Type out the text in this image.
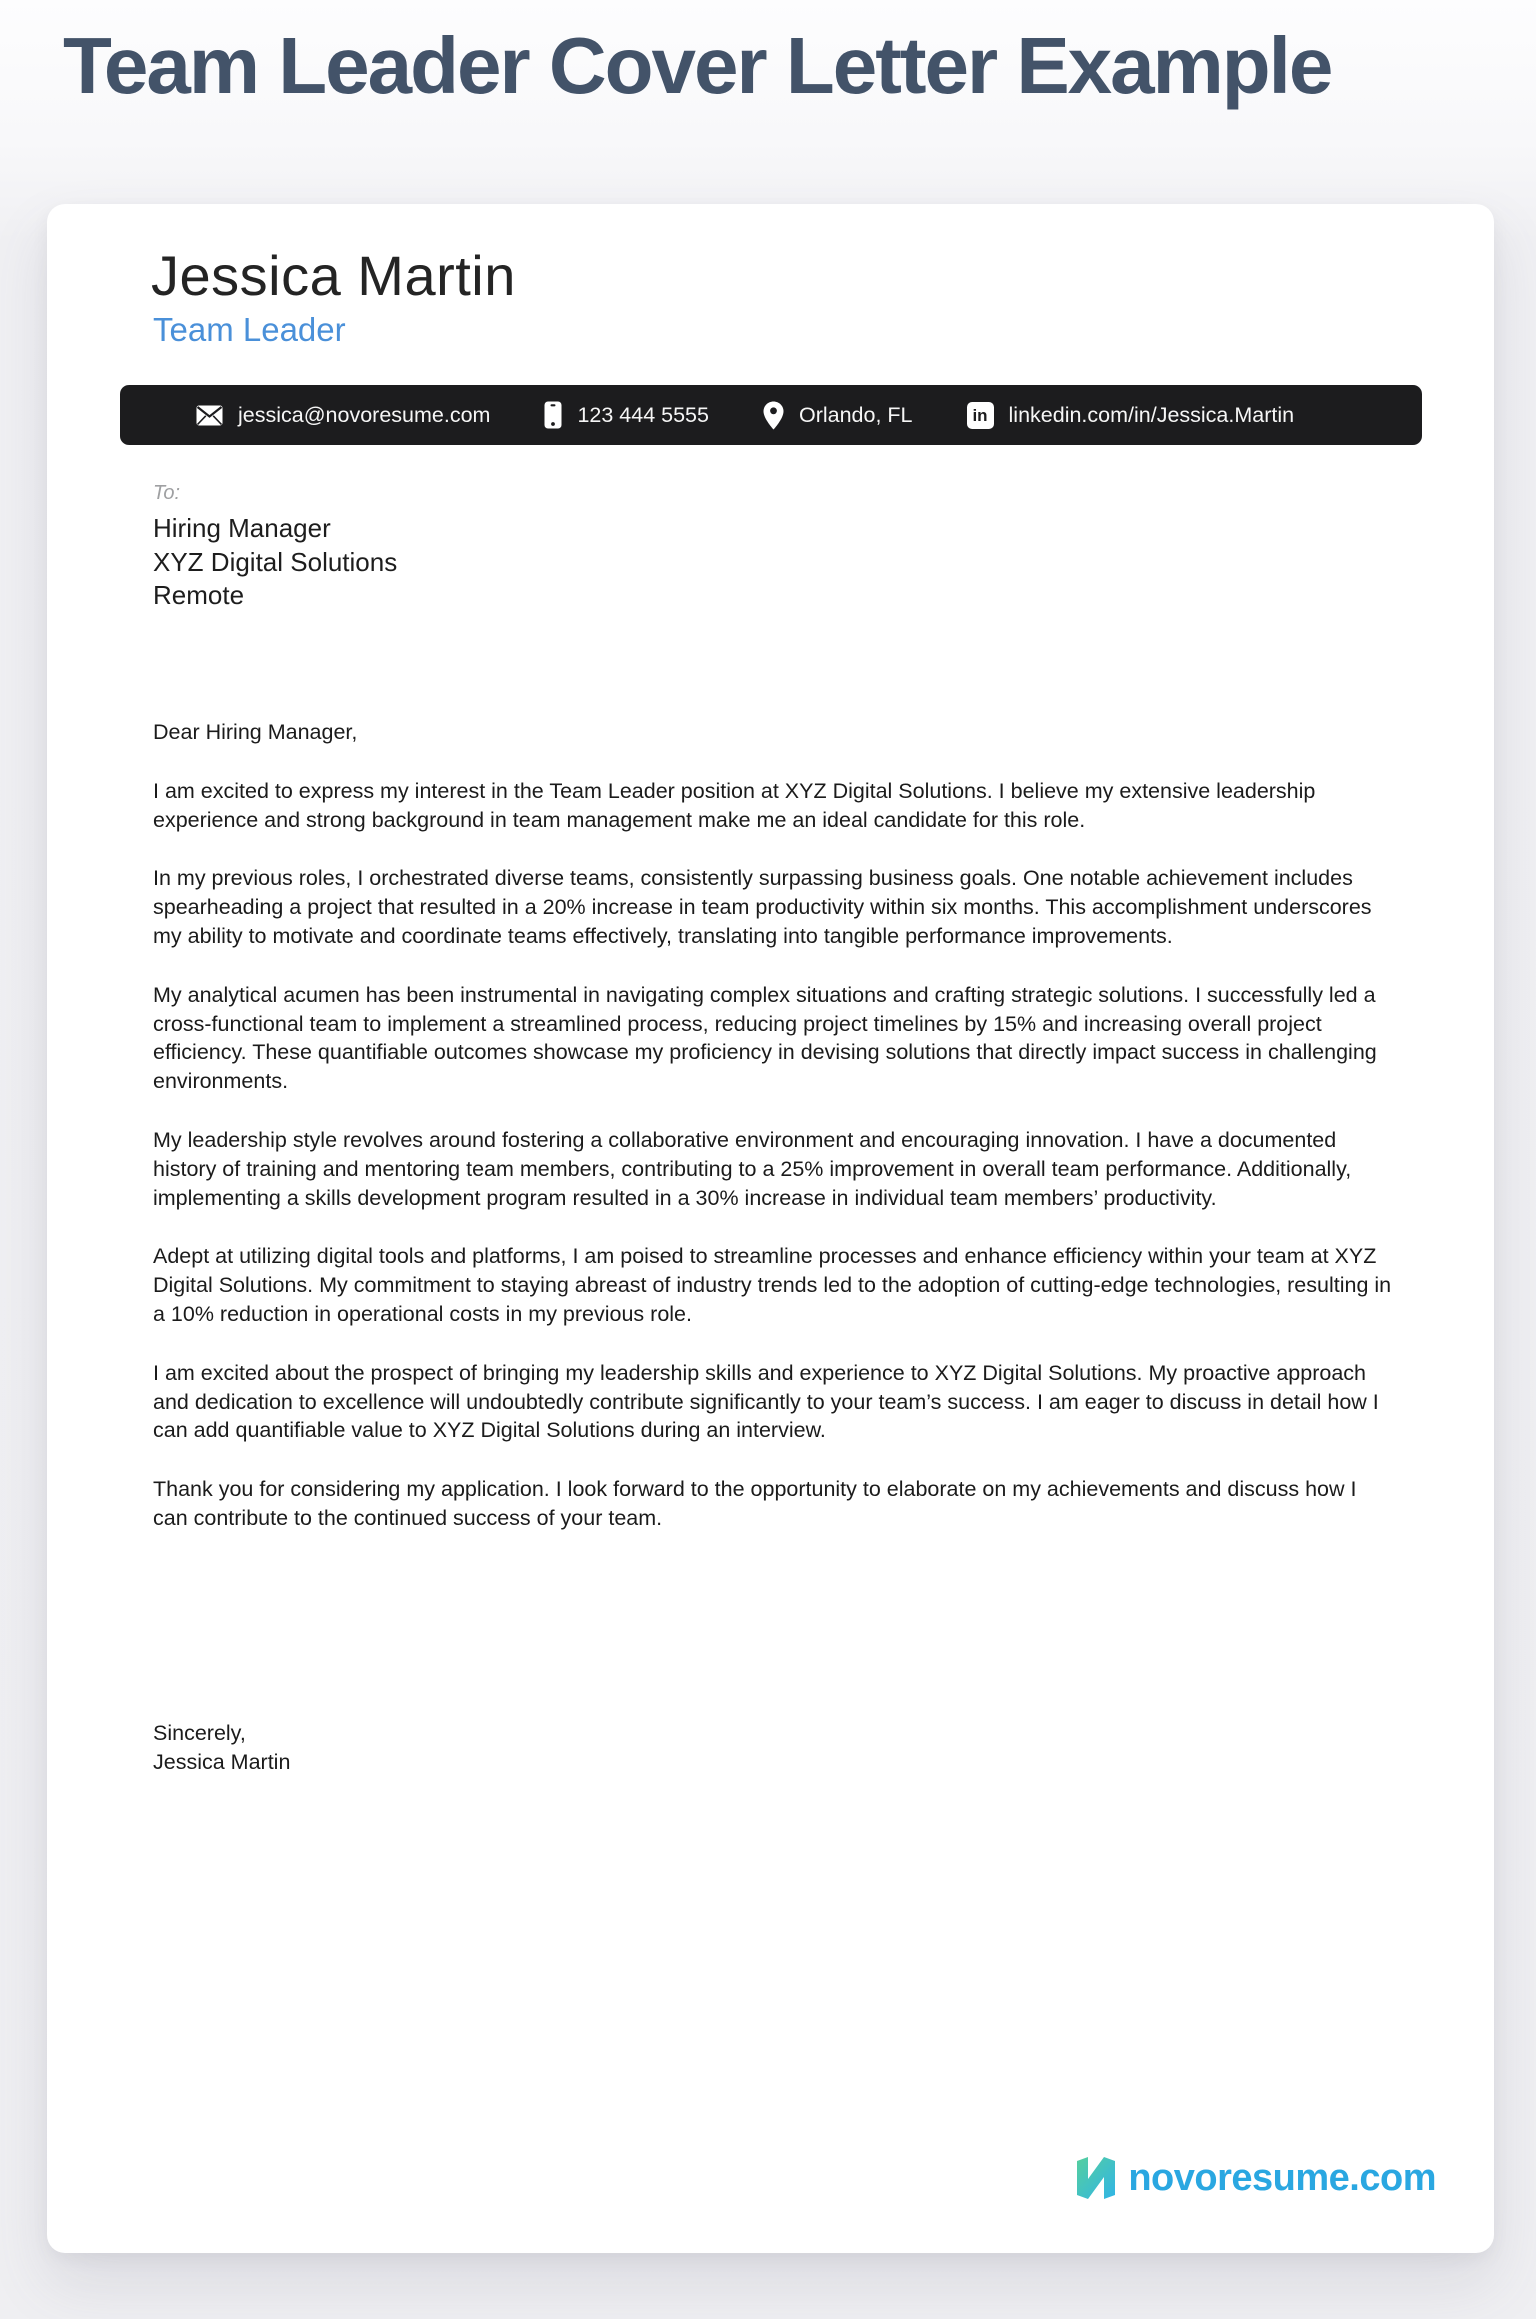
Team Leader Cover Letter Example
Jessica Martin
Team Leader
jessica@novoresume.com	123 444 5555	Orlando, FL	in linkedin.com/in/Jessica.Martin
To:
Hiring Manager
XYZ Digital Solutions
Remote

Dear Hiring Manager,

I am excited to express my interest in the Team Leader position at XYZ Digital Solutions. I believe my extensive leadership experience and strong background in team management make me an ideal candidate for this role.

In my previous roles, I orchestrated diverse teams, consistently surpassing business goals. One notable achievement includes spearheading a project that resulted in a 20% increase in team productivity within six months. This accomplishment underscores my ability to motivate and coordinate teams effectively, translating into tangible performance improvements.

My analytical acumen has been instrumental in navigating complex situations and crafting strategic solutions. I successfully led a cross-functional team to implement a streamlined process, reducing project timelines by 15% and increasing overall project efficiency. These quantifiable outcomes showcase my proficiency in devising solutions that directly impact success in challenging environments.

My leadership style revolves around fostering a collaborative environment and encouraging innovation. I have a documented history of training and mentoring team members, contributing to a 25% improvement in overall team performance. Additionally, implementing a skills development program resulted in a 30% increase in individual team members’ productivity.

Adept at utilizing digital tools and platforms, I am poised to streamline processes and enhance efficiency within your team at XYZ Digital Solutions. My commitment to staying abreast of industry trends led to the adoption of cutting-edge technologies, resulting in a 10% reduction in operational costs in my previous role.

I am excited about the prospect of bringing my leadership skills and experience to XYZ Digital Solutions. My proactive approach and dedication to excellence will undoubtedly contribute significantly to your team’s success. I am eager to discuss in detail how I can add quantifiable value to XYZ Digital Solutions during an interview.

Thank you for considering my application. I look forward to the opportunity to elaborate on my achievements and discuss how I can contribute to the continued success of your team.

Sincerely,
Jessica Martin
novoresume.com
